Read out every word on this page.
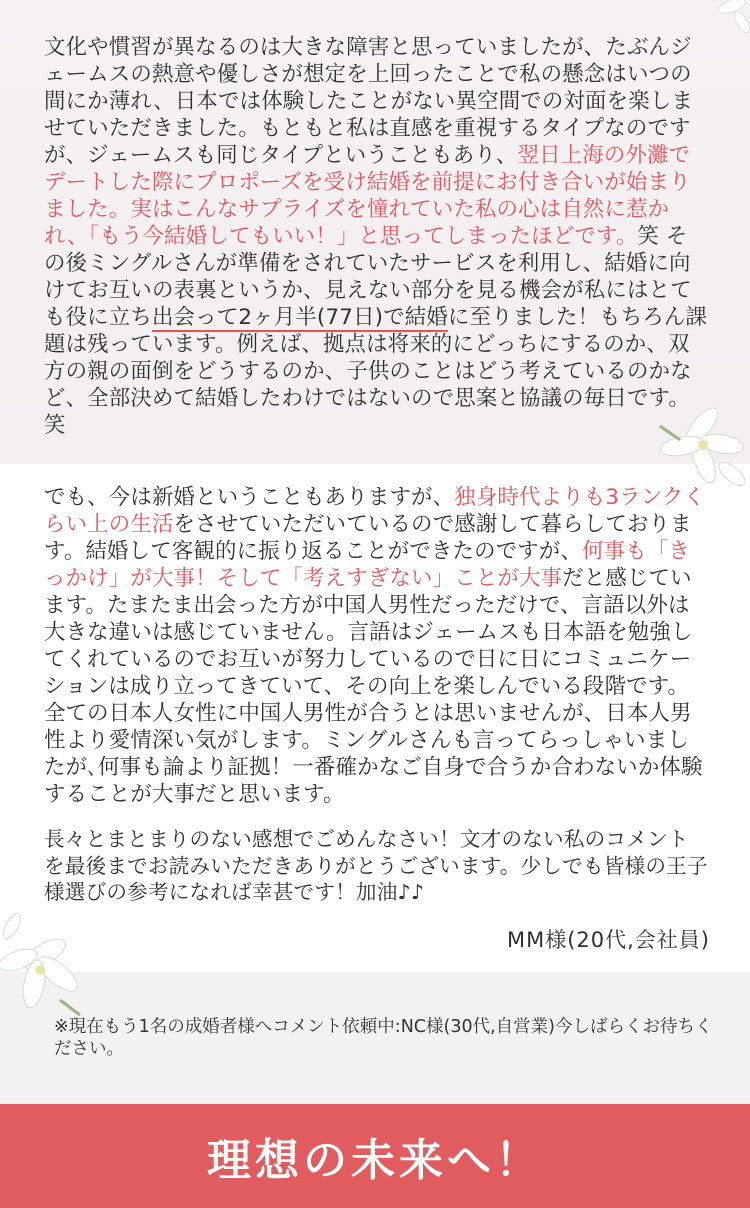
文化や慣習が異なるのは大きな障害と思っていましたが、たぶんジェームスの熱意や優しさが想定を上回ったことで私の懸念はいつの間にか薄れ、日本では体験したことがない異空間での対面を楽しませていただきました。もともと私は直感を重視するタイプなのですが、ジェームスも同じタイプということもあり、翌日上海の外灘でデートした際にプロポーズを受け結婚を前提にお付き合いが始まりました。実はこんなサプライズを憧れていた私の心は自然に惹かれ、「もう今結婚してもいい！」と思ってしまったほどです。笑 その後ミングルさんが準備をされていたサービスを利用し、結婚に向けてお互いの表裏というか、見えない部分を見る機会が私にはとても役に立ち出会って2ヶ月半(77日)で結婚に至りました！もちろん課題は残っています。例えば、拠点は将来的にどっちにするのか、双方の親の面倒をどうするのか、子供のことはどう考えているのかなど、全部決めて結婚したわけではないので思案と協議の毎日です。笑

でも、今は新婚ということもありますが、独身時代よりも3ランクくらい上の生活をさせていただいているので感謝して暮らしております。結婚して客観的に振り返ることができたのですが、何事も「きっかけ」が大事！そして「考えすぎない」ことが大事だと感じています。たまたま出会った方が中国人男性だっただけで、言語以外は大きな違いは感じていません。言語はジェームスも日本語を勉強してくれているのでお互いが努力しているので日に日にコミュニケーションは成り立ってきていて、その向上を楽しんでいる段階です。全ての日本人女性に中国人男性が合うとは思いませんが、日本人男性より愛情深い気がします。ミングルさんも言ってらっしゃいましたが､何事も論より証拠！一番確かなご自身で合うか合わないか体験することが大事だと思います。

長々とまとまりのない感想でごめんなさい！文才のない私のコメントを最後までお読みいただきありがとうございます。少しでも皆様の王子様選びの参考になれば幸甚です！加油♪♪

MM様(20代,会社員)

※現在もう1名の成婚者様へコメント依頼中:NC様(30代,自営業)今しばらくお待ちください。

理想の未来へ！
